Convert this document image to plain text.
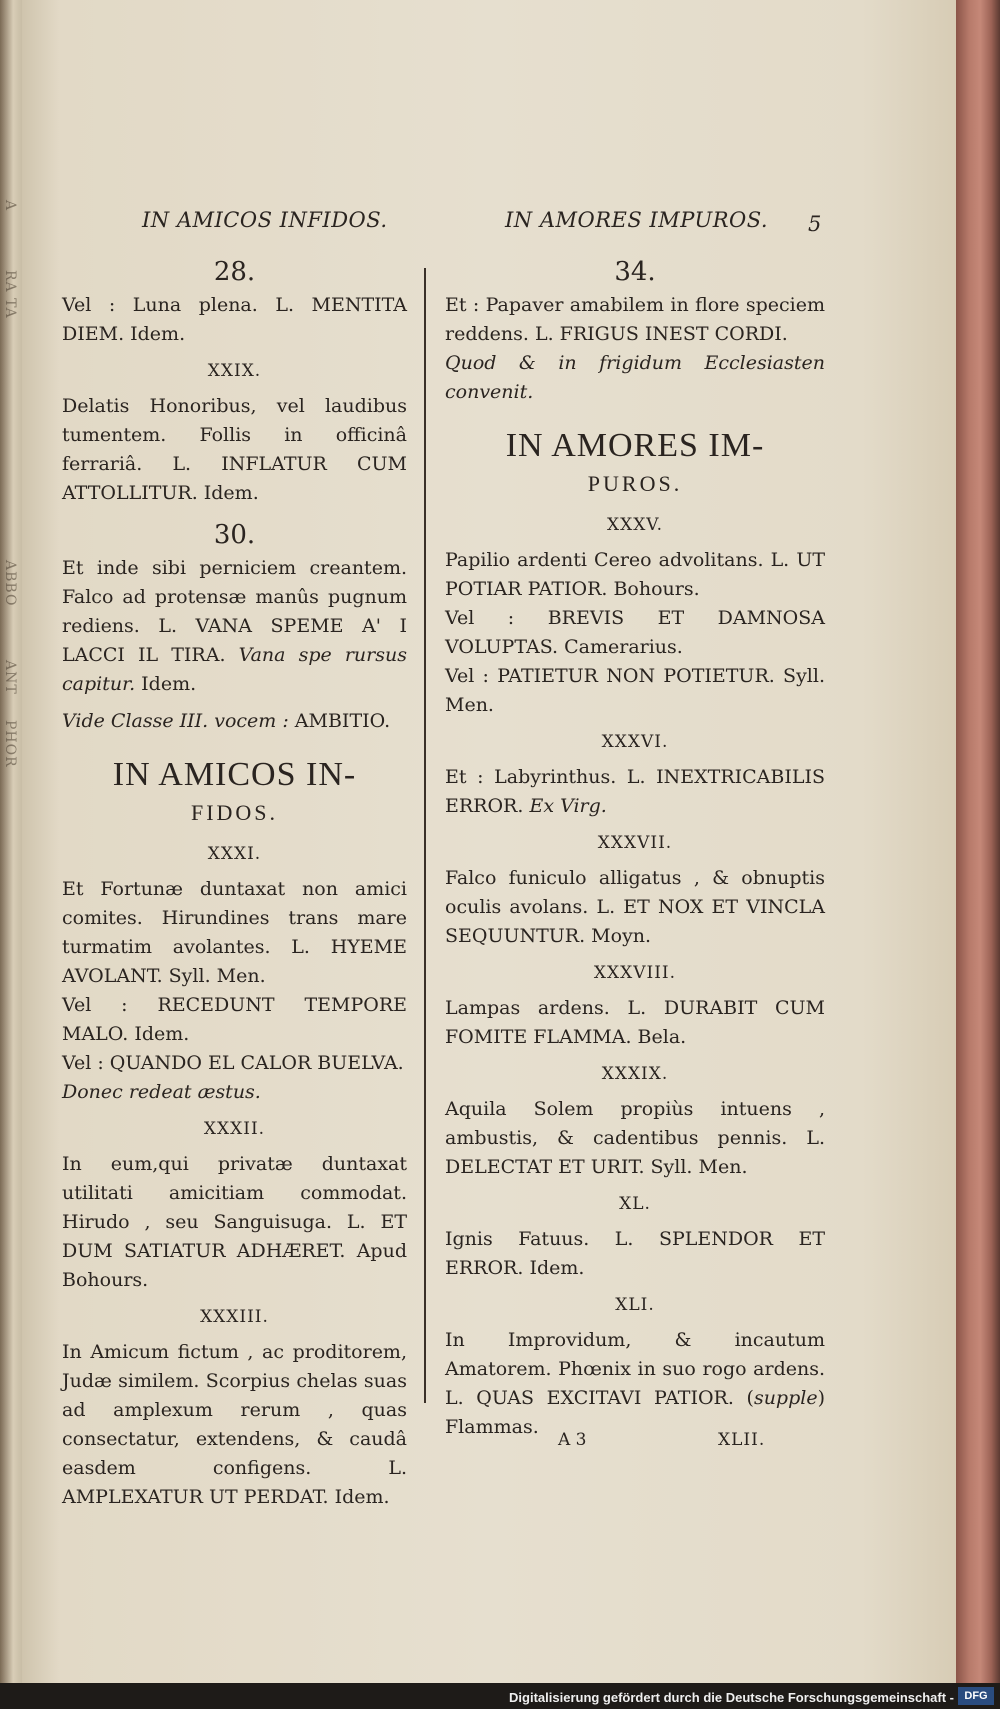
A
ABBO
ANT
PHOR
RA TA
IN AMICOS INFIDOS.	IN AMORES IMPUROS. 5
28.

Vel : Luna plena. L. MENTITA DIEM. Idem.

XXIX.

Delatis Honoribus, vel laudibus tumentem. Follis in officinâ ferrariâ. L. INFLATUR CUM ATTOLLITUR. Idem.

30.

Et inde sibi perniciem creantem. Falco ad protensæ manûs pugnum rediens. L. VANA SPEME A' I LACCI IL TIRA. Vana spe rursus capitur. Idem.

Vide Classe III. vocem : AMBITIO.

IN AMICOS IN-
FIDOS.
XXXI.

Et Fortunæ duntaxat non amici comites. Hirundines trans mare turmatim avolantes. L. HYEME AVOLANT. Syll. Men.

Vel : RECEDUNT TEMPORE MALO. Idem.

Vel : QUANDO EL CALOR BUELVA.

Donec redeat æstus.

XXXII.

In eum,qui privatæ duntaxat utilitati amicitiam commodat. Hirudo , seu Sanguisuga. L. ET DUM SATIATUR ADHÆRET. Apud Bohours.

XXXIII.

In Amicum fictum , ac proditorem, Judæ similem. Scorpius chelas suas ad amplexum rerum , quas consectatur, extendens, & caudâ easdem configens. L. AMPLEXATUR UT PERDAT. Idem.

34.

Et : Papaver amabilem in flore speciem reddens. L. FRIGUS INEST CORDI.

Quod & in frigidum Ecclesiasten convenit.

IN AMORES IM-
PUROS.
XXXV.

Papilio ardenti Cereo advolitans. L. UT POTIAR PATIOR. Bohours.

Vel : BREVIS ET DAMNOSA VOLUPTAS. Camerarius.

Vel : PATIETUR NON POTIETUR. Syll. Men.

XXXVI.

Et : Labyrinthus. L. INEXTRICABILIS ERROR. Ex Virg.

XXXVII.

Falco funiculo alligatus , & obnuptis oculis avolans. L. ET NOX ET VINCLA SEQUUNTUR. Moyn.

XXXVIII.

Lampas ardens. L. DURABIT CUM FOMITE FLAMMA. Bela.

XXXIX.

Aquila Solem propiùs intuens , ambustis, & cadentibus pennis. L. DELECTAT ET URIT. Syll. Men.

XL.

Ignis Fatuus. L. SPLENDOR ET ERROR. Idem.

XLI.

In Improvidum, & incautum Amatorem. Phœnix in suo rogo ardens. L. QUAS EXCITAVI PATIOR. (supple) Flammas.

A 3	XLII.
Digitalisierung gefördert durch die Deutsche Forschungsgemeinschaft - DFG
